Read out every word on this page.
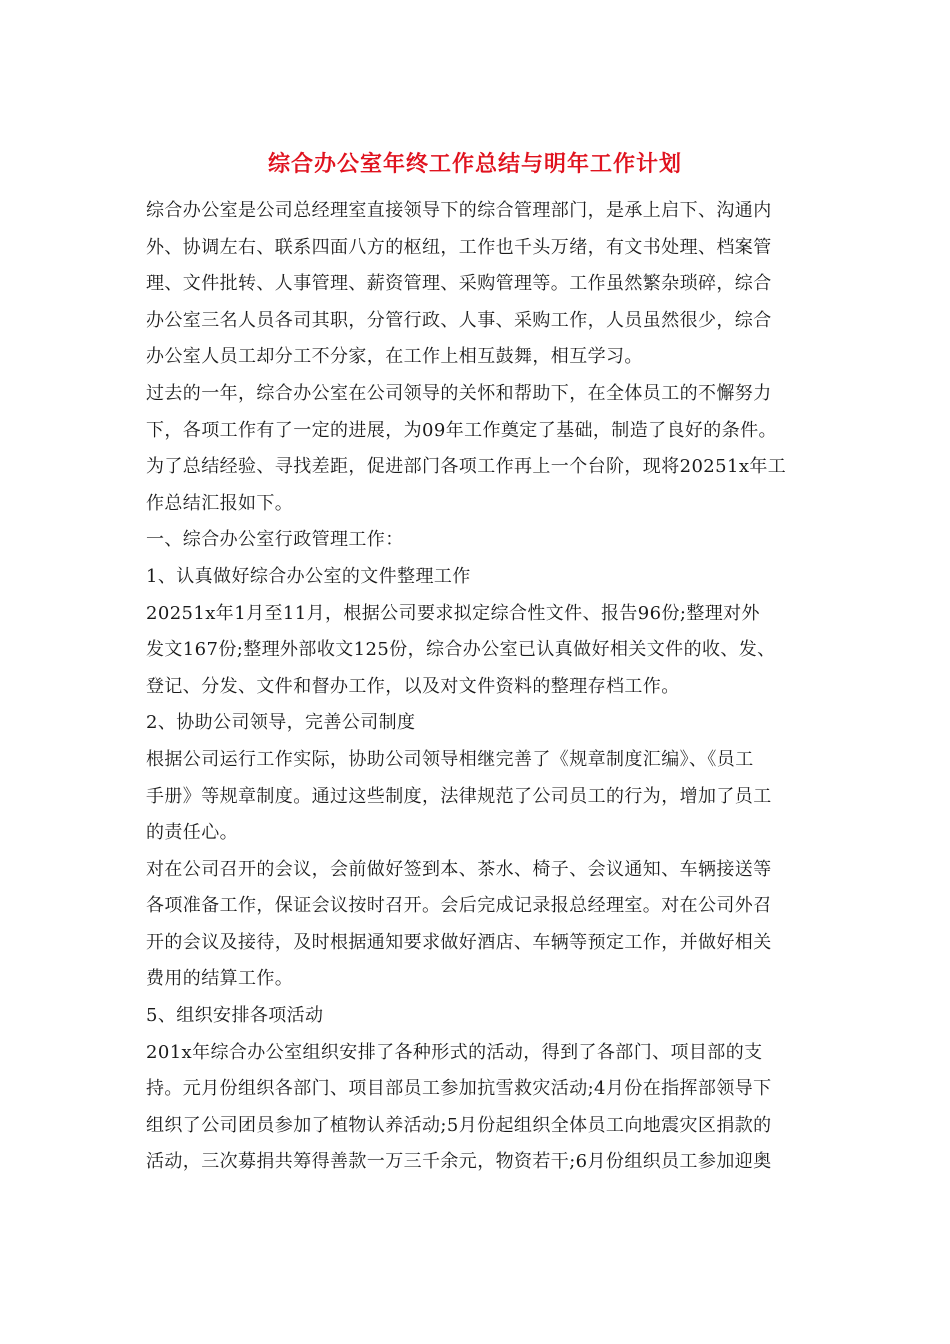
综合办公室年终工作总结与明年工作计划
综合办公室是公司总经理室直接领导下的综合管理部门，是承上启下、沟通内
外、协调左右、联系四面八方的枢纽，工作也千头万绪，有文书处理、档案管
理、文件批转、人事管理、薪资管理、采购管理等。工作虽然繁杂琐碎，综合
办公室三名人员各司其职，分管行政、人事、采购工作，人员虽然很少，综合
办公室人员工却分工不分家，在工作上相互鼓舞，相互学习。
过去的一年，综合办公室在公司领导的关怀和帮助下，在全体员工的不懈努力
下，各项工作有了一定的进展，为09年工作奠定了基础，制造了良好的条件。
为了总结经验、寻找差距，促进部门各项工作再上一个台阶，现将20251x年工
作总结汇报如下。
一、综合办公室行政管理工作：
1、认真做好综合办公室的文件整理工作
20251x年1月至11月，根据公司要求拟定综合性文件、报告96份;整理对外
发文167份;整理外部收文125份，综合办公室已认真做好相关文件的收、发、
登记、分发、文件和督办工作，以及对文件资料的整理存档工作。
2、协助公司领导，完善公司制度
根据公司运行工作实际，协助公司领导相继完善了《规章制度汇编》、《员工
手册》等规章制度。通过这些制度，法律规范了公司员工的行为，增加了员工
的责任心。
对在公司召开的会议，会前做好签到本、茶水、椅子、会议通知、车辆接送等
各项准备工作，保证会议按时召开。会后完成记录报总经理室。对在公司外召
开的会议及接待，及时根据通知要求做好酒店、车辆等预定工作，并做好相关
费用的结算工作。
5、组织安排各项活动
201x年综合办公室组织安排了各种形式的活动，得到了各部门、项目部的支
持。元月份组织各部门、项目部员工参加抗雪救灾活动;4月份在指挥部领导下
组织了公司团员参加了植物认养活动;5月份起组织全体员工向地震灾区捐款的
活动，三次募捐共筹得善款一万三千余元，物资若干;6月份组织员工参加迎奥
